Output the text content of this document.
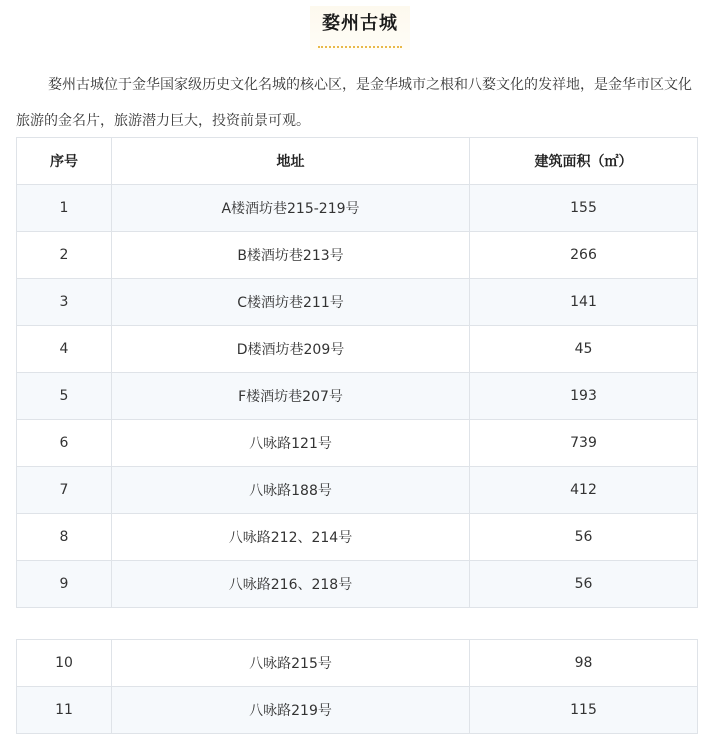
婺州古城

婺州古城位于金华国家级历史文化名城的核心区，是金华城市之根和八婺文化的发祥地，是金华市区文化旅游的金名片，旅游潜力巨大，投资前景可观。

序号	地址	建筑面积（㎡）
1	A楼酒坊巷215-219号	155
2	B楼酒坊巷213号	266
3	C楼酒坊巷211号	141
4	D楼酒坊巷209号	45
5	F楼酒坊巷207号	193
6	八咏路121号	739
7	八咏路188号	412
8	八咏路212、214号	56
9	八咏路216、218号	56
10	八咏路215号	98
11	八咏路219号	115
